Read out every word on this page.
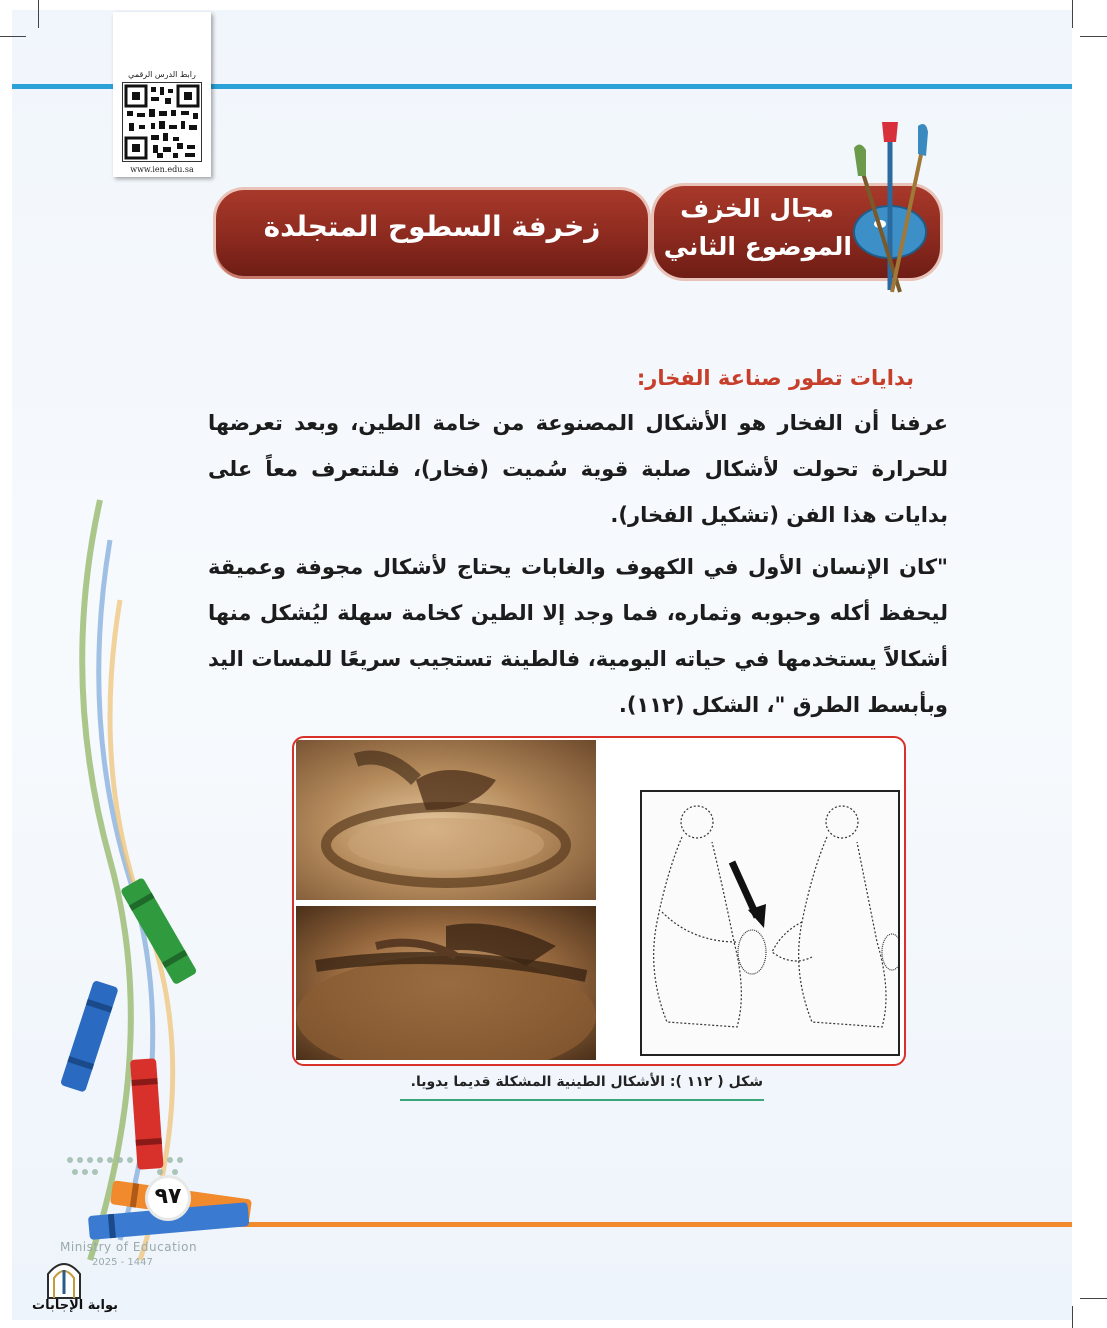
رابط الدرس الرقمي
www.ien.edu.sa
زخرفة السطوح المتجلدة
مجال الخزف
الموضوع الثاني
بدايات تطور صناعة الفخار:
عرفنا أن الفخار هو الأشكال المصنوعة من خامة الطين، وبعد تعرضها للحرارة تحولت لأشكال صلبة قوية سُميت (فخار)، فلنتعرف معاً على بدايات هذا الفن (تشكيل الفخار).
"كان الإنسان الأول في الكهوف والغابات يحتاج لأشكال مجوفة وعميقة ليحفظ أكله وحبوبه وثماره، فما وجد إلا الطين كخامة سهلة ليُشكل منها أشكالاً يستخدمها في حياته اليومية، فالطينة تستجيب سريعًا للمسات اليد وبأبسط الطرق "، الشكل (١١٢).
شكل ( ١١٢ ): الأشكال الطينية المشكلة قديما يدويا.
٩٧
Ministry of Education
2025 - 1447
بوابة الإجابات
